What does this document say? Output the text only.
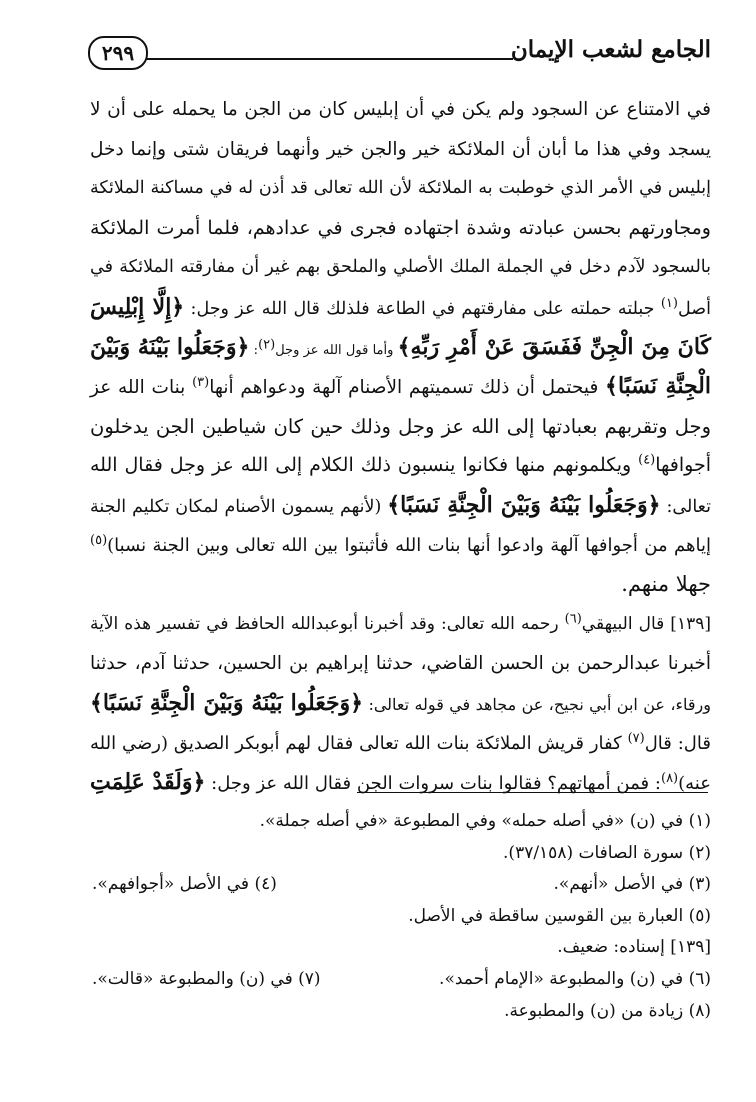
الجامع لشعب الإيمان
٢٩٩
في الامتناع عن السجود ولم يكن في أن إبليس كان من الجن ما يحمله على أن لا
يسجد وفي هذا ما أبان أن الملائكة خير والجن خير وأنهما فريقان شتى وإنما دخل
إبليس في الأمر الذي خوطبت به الملائكة لأن الله تعالى قد أذن له في مساكنة الملائكة
ومجاورتهم بحسن عبادته وشدة اجتهاده فجرى في عدادهم، فلما أمرت الملائكة
بالسجود لآدم دخل في الجملة الملك الأصلي والملحق بهم غير أن مفارقته الملائكة في
أصل$^{(١)}$ جبلته حملته على مفارقتهم في الطاعة فلذلك قال الله عز وجل: ﴿إِلَّا إِبْلِيسَ
كَانَ مِنَ الْجِنِّ فَفَسَقَ عَنْ أَمْرِ رَبِّهِ﴾ وأما قول الله عز وجل(٢): ﴿وَجَعَلُوا بَيْنَهُ وَبَيْنَ
الْجِنَّةِ نَسَبًا﴾ فيحتمل أن ذلك تسميتهم الأصنام آلهة ودعواهم أنها$^{(٣)}$ بنات الله عز
وجل وتقربهم بعبادتها إلى الله عز وجل وذلك حين كان شياطين الجن يدخلون
أجوافها$^{(٤)}$ ويكلمونهم منها فكانوا ينسبون ذلك الكلام إلى الله عز وجل فقال الله
تعالى: ﴿وَجَعَلُوا بَيْنَهُ وَبَيْنَ الْجِنَّةِ نَسَبًا﴾ (لأنهم يسمون الأصنام لمكان تكليم الجنة
إياهم من أجوافها آلهة وادعوا أنها بنات الله فأثبتوا بين الله تعالى وبين الجنة نسبا)$^{(٥)}$
جهلا منهم.
[١٣٩] قال البيهقي$^{(٦)}$ رحمه الله تعالى: وقد أخبرنا أبوعبدالله الحافظ في تفسير هذه الآية
أخبرنا عبدالرحمن بن الحسن القاضي، حدثنا إبراهيم بن الحسين، حدثنا آدم، حدثنا
ورقاء، عن ابن أبي نجيح، عن مجاهد في قوله تعالى: ﴿وَجَعَلُوا بَيْنَهُ وَبَيْنَ الْجِنَّةِ نَسَبًا﴾
قال: قال$^{(٧)}$ كفار قريش الملائكة بنات الله تعالى فقال لهم أبوبكر الصديق (رضي الله
عنه)$^{(٨)}$: فمن أمهاتهم؟ فقالوا بنات سروات الجن فقال الله عز وجل: ﴿وَلَقَدْ عَلِمَتِ
(١) في (ن) «في أصله حمله» وفي المطبوعة «في أصله جملة».
(٢) سورة الصافات (٣٧/١٥٨).
(٣) في الأصل «أنهم».
(٤) في الأصل «أجوافهم».
(٥) العبارة بين القوسين ساقطة في الأصل.
[١٣٩] إسناده: ضعيف.
(٦) في (ن) والمطبوعة «الإمام أحمد».
(٧) في (ن) والمطبوعة «قالت».
(٨) زيادة من (ن) والمطبوعة.
